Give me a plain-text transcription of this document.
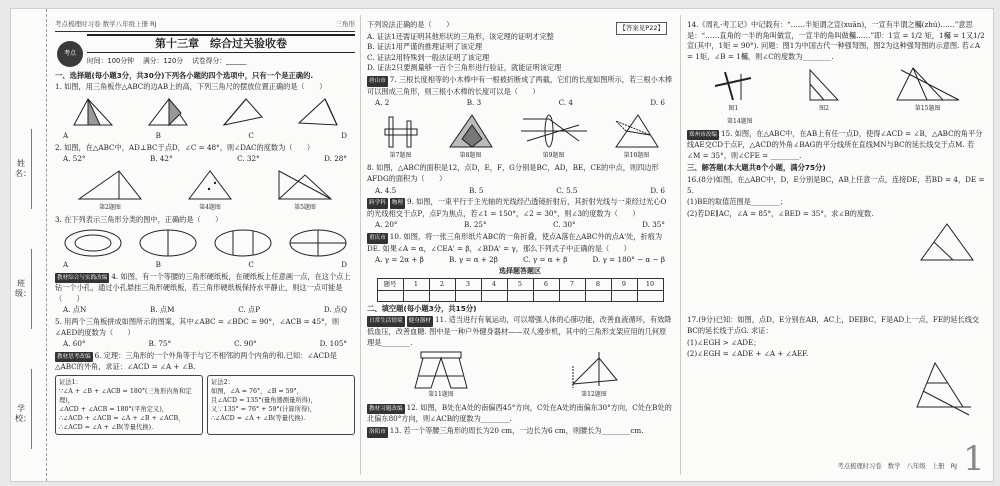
姓名：
班级：
学校：
考点梳理时习卷 数学八年级上册 RJ	三角形
考点
第十三章　综合过关验收卷
时间：100分钟　 满分：120分　 试卷得分：______
一、选择题(每小题3分，共30分)下列各小题的四个选项中，只有一个是正确的.
1. 如图，用三角板作△ABC的边AB上的高，下列三角尺的摆放位置正确的是（　　）
A	B	C	D
2. 如图，在△ABC中，AD⊥BC于点D，∠C = 48°，则∠DAC的度数为（　　）
A. 52°	B. 42°	C. 32°	D. 28°
第2题图	第4题图	第5题图
3. 在下列表示三角形分类的图中，正确的是（　　）
A	B	C	D
教材综合与实践改编 4. 如图，有一个等腰的三角形硬纸板，在硬纸板上任意画一点，在这个点上钻一个小孔，通过小孔悬挂三角形硬纸板，若三角形硬纸板保持水平静止，则这一点可能是（　　）
A. 点N	B. 点M	C. 点P	D. 点Q
5. 用两个三角板拼成如图所示的图案，其中∠ABC = ∠BDC = 90°，∠ACB = 45°，则∠AED的度数为（　　）
A. 60°	B. 75°	C. 90°	D. 105°
教材思考改编 6. 定理：三角形的一个外角等于与它不相邻的两个内角的和.已知：∠ACD是△ABC的外角，求证：∠ACD = ∠A + ∠B.
证法1：
∵∠A + ∠B + ∠ACB = 180°(三角形内角和定理)，
∠ACD + ∠ACB = 180°(平角定义)，
∴∠ACD + ∠ACB = ∠A + ∠B + ∠ACB，
∴∠ACD = ∠A + ∠B(等量代换).
证法2：
如图，∠A = 76°，∠B = 59°，
且∠ACD = 135°(量角器测量所得)，
又∵135° = 76° + 59°(计算所得)，
∴∠ACD = ∠A + ∠B(等量代换).
【答案见P22】
下列说法正确的是（　　）
A. 证法1还需证明其他形状的三角形，该定理的证明才完整
B. 证法1用严谨的推理证明了该定理
C. 证法2用特殊到一般法证明了该定理
D. 证法2只要测量够一百个三角形进行验证，就能证明该定理
唐山市 7. 三根长度相等的小木棒中有一根被折断成了两截，它们的长度如图所示，若三根小木棒可以围成三角形，则三根小木棒的长度可以是（　　）
A. 2	B. 3	C. 4	D. 6
第7题图	第8题图	第9题图	第10题图
8. 如图，△ABC的面积是12，点D，E，F，G分别是BC，AD，BE，CE的中点，则四边形AFDG的面积为（　　）
A. 4.5	B. 5	C. 5.5	D. 6
跨学科 物理 9. 如图，一束平行于主光轴的光线经凸透镜折射后，其折射光线与一束经过光心O的光线相交于点P，点F为焦点，若∠1 = 150°，∠2 = 30°，则∠3的度数为（　　）
A. 20°	B. 25°	C. 30°	D. 35°
重庆市 10. 如图，将一张三角形纸片ABC的一角折叠，使点A落在△ABC外的点A'处，折痕为DE. 如果∠A = α，∠CEA' = β，∠BDA' = γ，那么下列式子中正确的是（　　）
A. γ = 2α + β	B. γ = α + 2β	C. γ = α + β	D. γ = 180° − α − β
选择题答题区
题号	1	2	3	4	5	6	7	8	9	10

二、填空题(每小题3分，共15分)
日常生活情境 健身器材 11. 适当进行有氧运动，可以增强人体的心肺功能，改善血液循环，有效降低血压，改善血糖. 图中是一种户外健身器材——双人漫步机，其中的三角形支架应用的几何原理是________.
第11题图	第12题图
教材习题改编 12. 如图，B处在A处的南偏西45°方向，C处在A处的南偏东30°方向，C处在B处的北偏东80°方向，则∠ACB的度数为________.
洛阳市 13. 若一个等腰三角形的周长为20 cm，一边长为6 cm，则腰长为________cm.
14.《周礼·考工记》中记载有：“……半矩谓之宣(xuān)，一宣有半谓之欘(zhú)……”意思是：“……直角的一半的角叫做宣，一宣半的角叫做欘……”即：1宣 = 1/2 矩，1欘 = 1又1/2宣(其中，1矩 = 90°). 问题：图1为中国古代一种强弩图，图2为这种强弩图的示意图. 若∠A = 1矩，∠B = 1欘，则∠C的度数为________.
图1	图2	第15题图
第14题图
郑州市改编 15. 如图，在△ABC中，在AB上有任一点D，使得∠ACD = ∠B，△ABC的角平分线AE交CD于点F，△ACD的外角∠BAG的平分线所在直线MN与BC的延长线交于点M. 若∠M = 35°，则∠CFE = ________.
三、解答题(本大题共8个小题，满分75分)
16.(8分)如图，在△ABC中，D，E分别是BC，AB上任意一点，连接DE，若BD = 4，DE = 5.
(1)BE的取值范围是________；
(2)若DE∥AC，∠A = 85°，∠BED = 35°，求∠B的度数.
17.(9分)已知：如图，点D，E分别在AB，AC上，DE∥BC，F是AD上一点，FE的延长线交BC的延长线于点G. 求证：
(1)∠EGH > ∠ADE；
(2)∠EGH = ∠ADE + ∠A + ∠AEF.
考点梳理时习卷　数学　八年级　上册　RJ 1
